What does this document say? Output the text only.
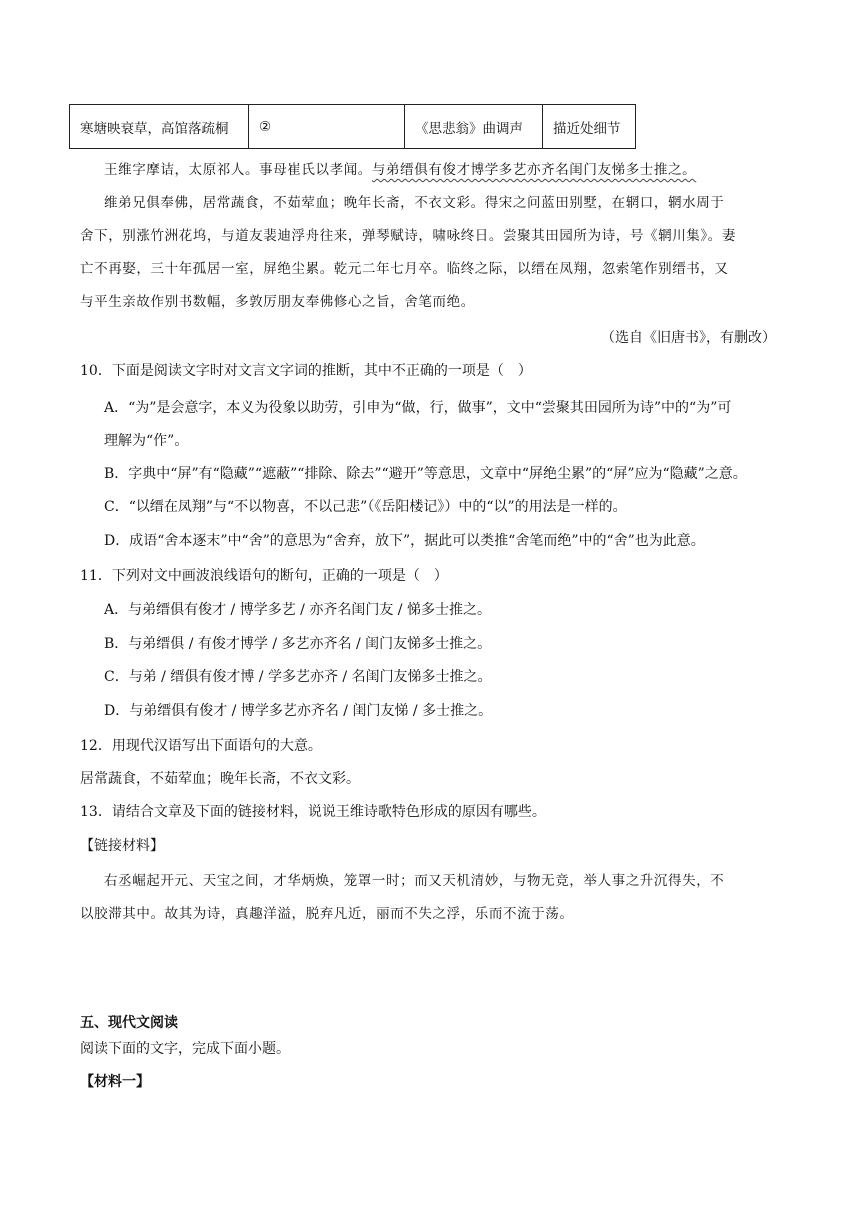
寒塘映衰草，高馆落疏桐	②	《思悲翁》曲调声	描近处细节
王维字摩诘，太原祁人。事母崔氏以孝闻。与弟缙俱有俊才博学多艺亦齐名闺门友悌多士推之。
维弟兄俱奉佛，居常蔬食，不茹荤血；晚年长斋，不衣文彩。得宋之问蓝田别墅，在辋口，辋水周于
舍下，别涨竹洲花坞，与道友裴迪浮舟往来，弹琴赋诗，啸咏终日。尝聚其田园所为诗，号《辋川集》。妻
亡不再娶，三十年孤居一室，屏绝尘累。乾元二年七月卒。临终之际，以缙在凤翔，忽索笔作别缙书，又
与平生亲故作别书数幅，多敦厉朋友奉佛修心之旨，舍笔而绝。
（选自《旧唐书》，有删改）
10．下面是阅读文字时对文言文字词的推断，其中不正确的一项是（　）
A．“为”是会意字，本义为役象以助劳，引申为“做，行，做事”，文中“尝聚其田园所为诗”中的“为”可
理解为“作”。
B．字典中“屏”有“隐藏”“遮蔽”“排除、除去”“避开”等意思，文章中“屏绝尘累”的“屏”应为“隐藏”之意。
C．“以缙在凤翔”与“不以物喜，不以己悲”（《岳阳楼记》）中的“以”的用法是一样的。
D．成语“舍本逐末”中“舍”的意思为“舍弃，放下”，据此可以类推“舍笔而绝”中的“舍”也为此意。
11．下列对文中画波浪线语句的断句，正确的一项是（　）
A．与弟缙俱有俊才 / 博学多艺 / 亦齐名闺门友 / 悌多士推之。
B．与弟缙俱 / 有俊才博学 / 多艺亦齐名 / 闺门友悌多士推之。
C．与弟 / 缙俱有俊才博 / 学多艺亦齐 / 名闺门友悌多士推之。
D．与弟缙俱有俊才 / 博学多艺亦齐名 / 闺门友悌 / 多士推之。
12．用现代汉语写出下面语句的大意。
居常蔬食，不茹荤血；晚年长斋，不衣文彩。
13．请结合文章及下面的链接材料，说说王维诗歌特色形成的原因有哪些。
【链接材料】
右丞崛起开元、天宝之间，才华炳焕，笼罩一时；而又天机清妙，与物无竞，举人事之升沉得失，不
以胶滞其中。故其为诗，真趣洋溢，脱弃凡近，丽而不失之浮，乐而不流于荡。
五、现代文阅读
阅读下面的文字，完成下面小题。
【材料一】
